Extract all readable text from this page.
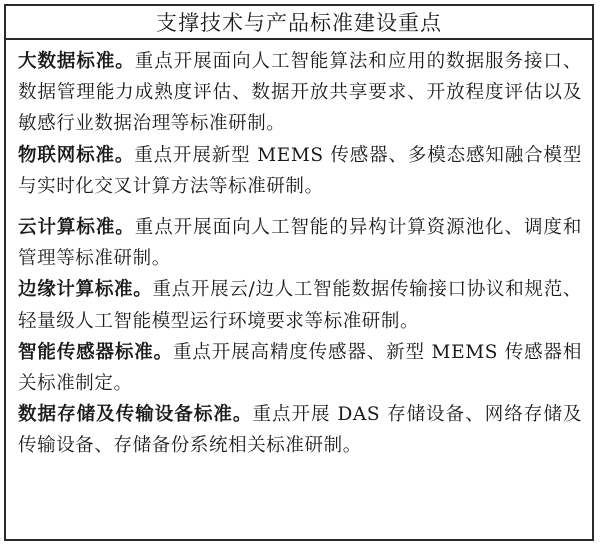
支撑技术与产品标准建设重点

大数据标准。重点开展面向人工智能算法和应用的数据服务接口、数据管理能力成熟度评估、数据开放共享要求、开放程度评估以及敏感行业数据治理等标准研制。

物联网标准。重点开展新型 MEMS 传感器、多模态感知融合模型与实时化交叉计算方法等标准研制。

云计算标准。重点开展面向人工智能的异构计算资源池化、调度和管理等标准研制。

边缘计算标准。重点开展云/边人工智能数据传输接口协议和规范、轻量级人工智能模型运行环境要求等标准研制。

智能传感器标准。重点开展高精度传感器、新型 MEMS 传感器相关标准制定。

数据存储及传输设备标准。重点开展 DAS 存储设备、网络存储及传输设备、存储备份系统相关标准研制。
